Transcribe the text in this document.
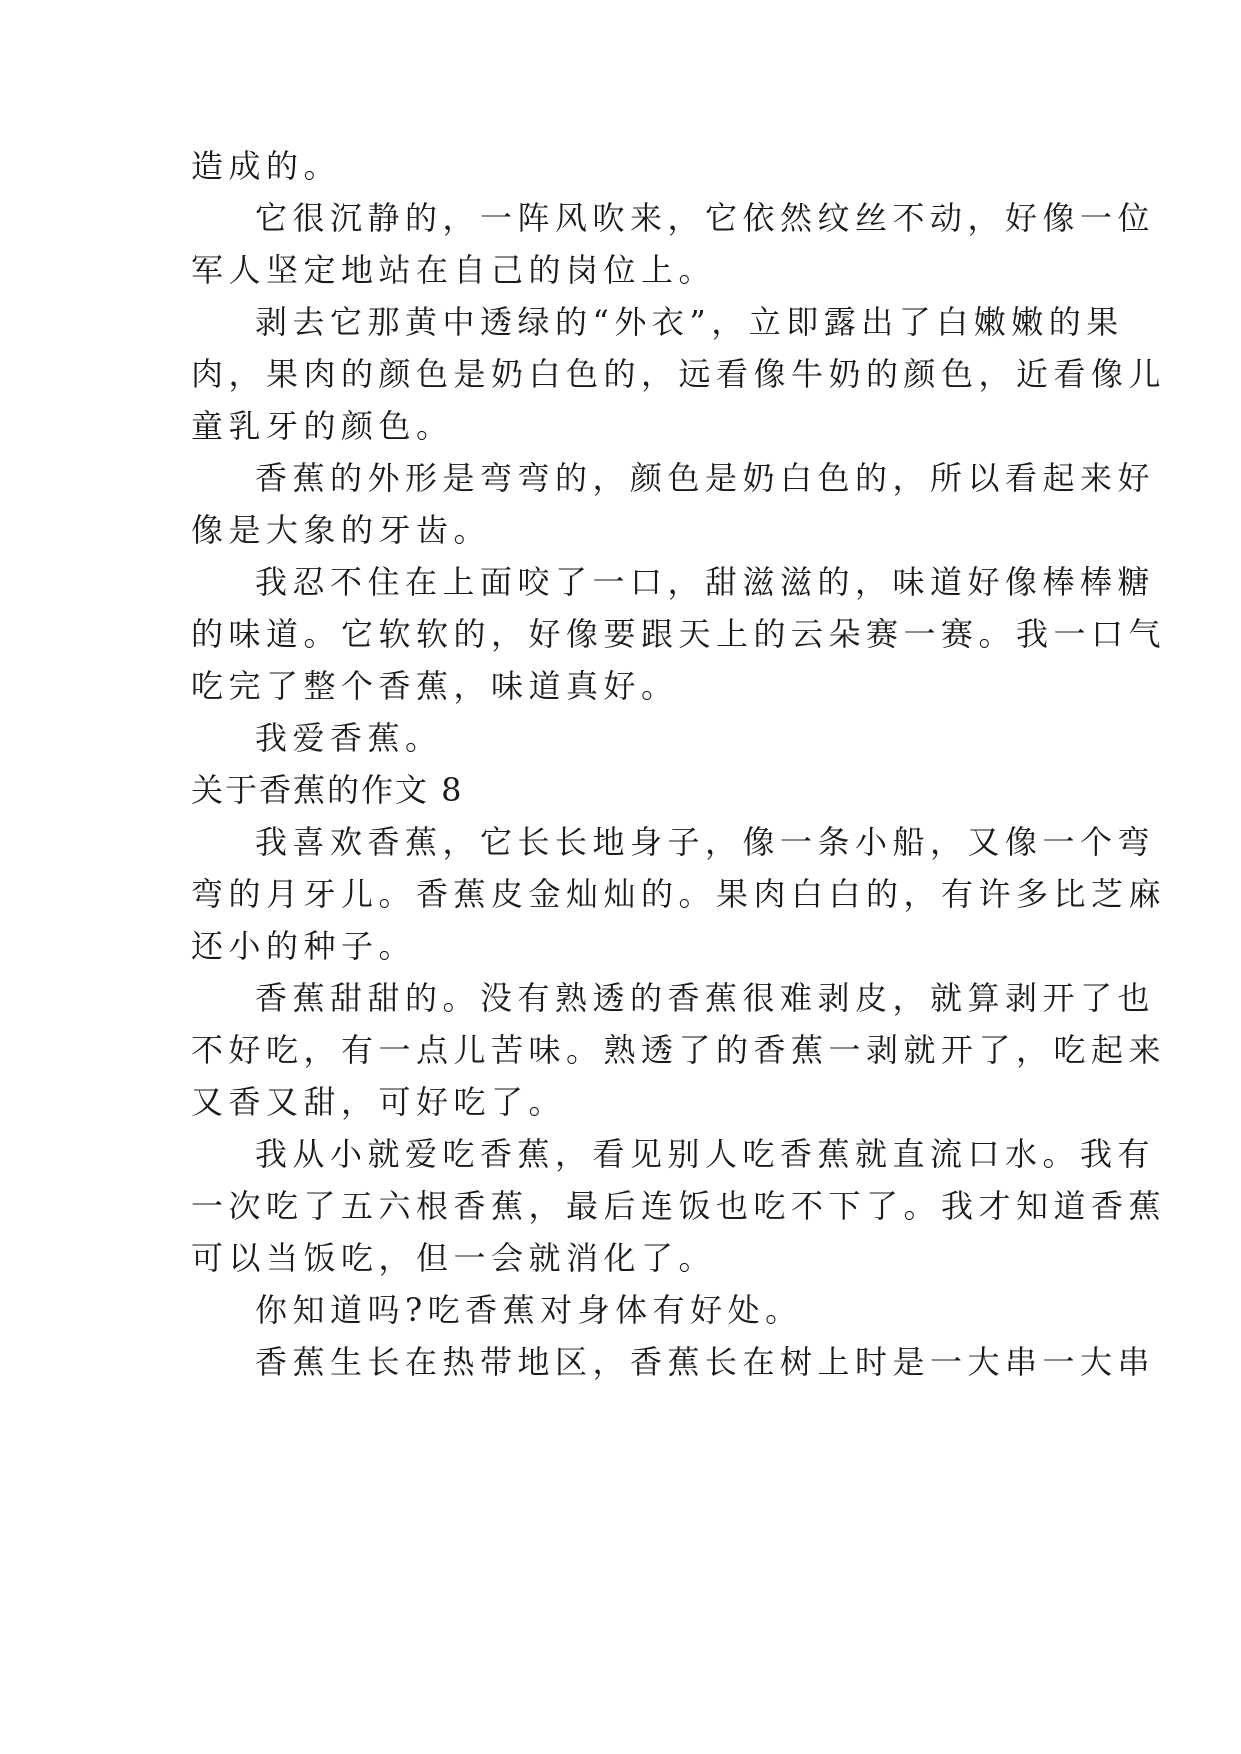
造成的。
它很沉静的，一阵风吹来，它依然纹丝不动，好像一位
军人坚定地站在自己的岗位上。
剥去它那黄中透绿的“外衣”，立即露出了白嫩嫩的果
肉，果肉的颜色是奶白色的，远看像牛奶的颜色，近看像儿
童乳牙的颜色。
香蕉的外形是弯弯的，颜色是奶白色的，所以看起来好
像是大象的牙齿。
我忍不住在上面咬了一口，甜滋滋的，味道好像棒棒糖
的味道。它软软的，好像要跟天上的云朵赛一赛。我一口气
吃完了整个香蕉，味道真好。
我爱香蕉。
关于香蕉的作文 8
我喜欢香蕉，它长长地身子，像一条小船，又像一个弯
弯的月牙儿。香蕉皮金灿灿的。果肉白白的，有许多比芝麻
还小的种子。
香蕉甜甜的。没有熟透的香蕉很难剥皮，就算剥开了也
不好吃，有一点儿苦味。熟透了的香蕉一剥就开了，吃起来
又香又甜，可好吃了。
我从小就爱吃香蕉，看见别人吃香蕉就直流口水。我有
一次吃了五六根香蕉，最后连饭也吃不下了。我才知道香蕉
可以当饭吃，但一会就消化了。
你知道吗?吃香蕉对身体有好处。
香蕉生长在热带地区，香蕉长在树上时是一大串一大串
